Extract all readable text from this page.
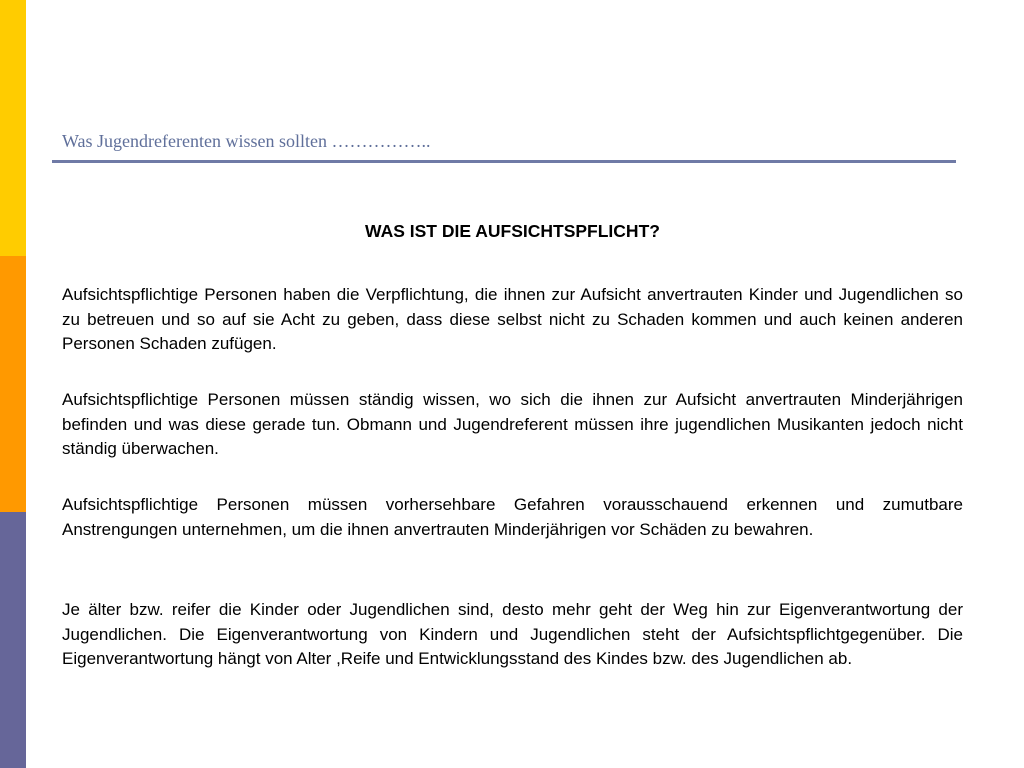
Was Jugendreferenten wissen sollten ……………..
WAS IST DIE AUFSICHTSPFLICHT?

Aufsichtspflichtige Personen haben die Verpflichtung, die ihnen zur Aufsicht anvertrauten Kinder und Jugendlichen so zu betreuen und so auf sie Acht zu geben, dass diese selbst nicht zu Schaden kommen und auch keinen anderen Personen Schaden zufügen.

Aufsichtspflichtige Personen müssen ständig wissen, wo sich die ihnen zur Aufsicht anvertrauten Minderjährigen befinden und was diese gerade tun. Obmann und Jugendreferent müssen ihre jugendlichen Musikanten jedoch nicht ständig überwachen.

Aufsichtspflichtige Personen müssen vorhersehbare Gefahren vorausschauend erkennen und zumutbare Anstrengungen unternehmen, um die ihnen anvertrauten Minderjährigen vor Schäden zu bewahren.

Je älter bzw. reifer die Kinder oder Jugendlichen sind, desto mehr geht der Weg hin zur Eigenverantwortung der Jugendlichen. Die Eigenverantwortung von Kindern und Jugendlichen steht der Aufsichtspflichtgegenüber. Die Eigenverantwortung hängt von Alter ,Reife und Entwicklungsstand des Kindes bzw. des Jugendlichen ab.
